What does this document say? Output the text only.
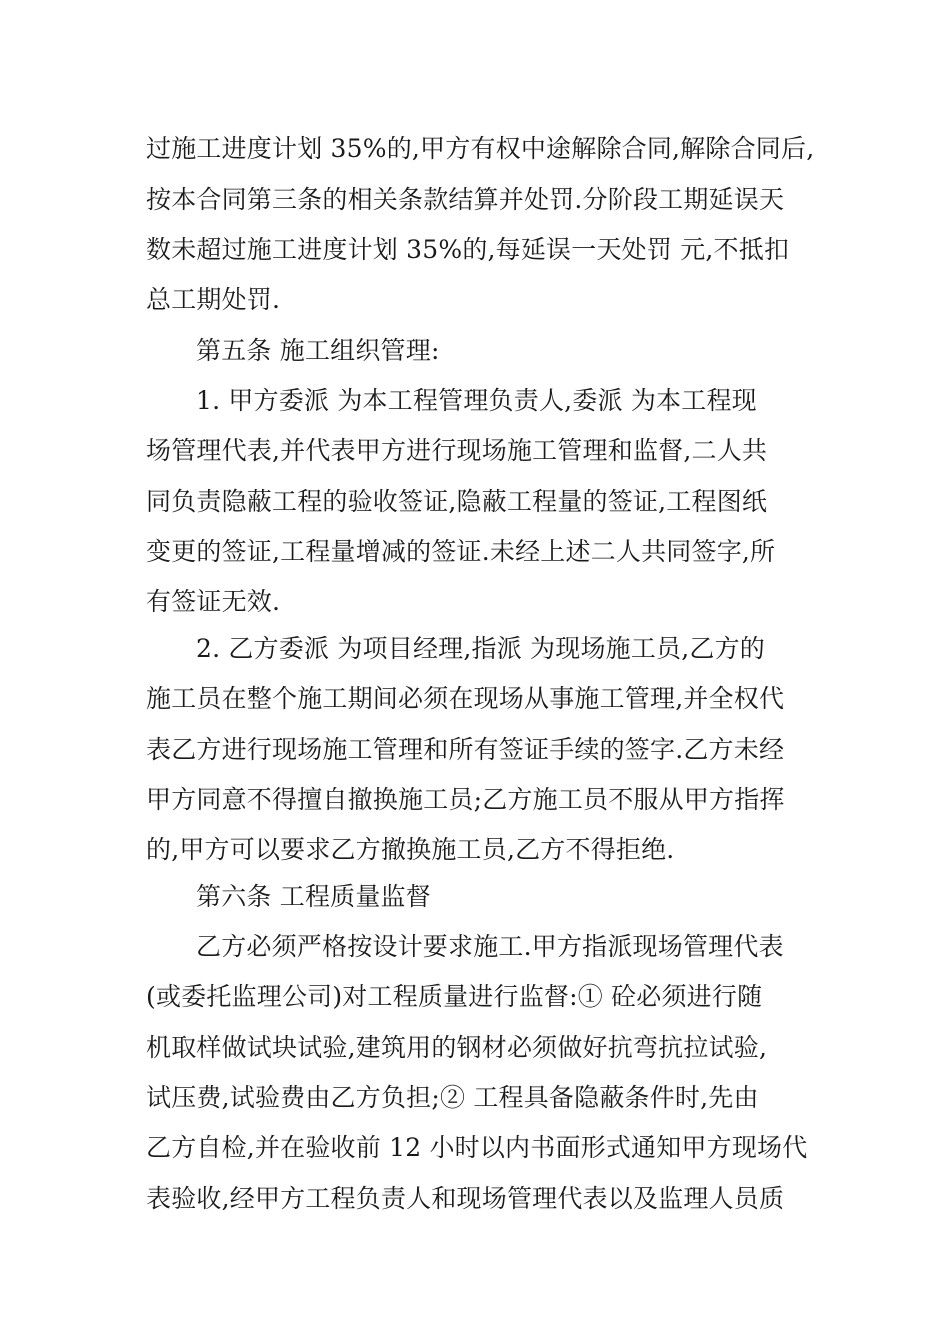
过施工进度计划 35%的,甲方有权中途解除合同,解除合同后,
按本合同第三条的相关条款结算并处罚.分阶段工期延误天
数未超过施工进度计划 35%的,每延误一天处罚 元,不抵扣
总工期处罚.
第五条 施工组织管理:
1. 甲方委派 为本工程管理负责人,委派 为本工程现
场管理代表,并代表甲方进行现场施工管理和监督,二人共
同负责隐蔽工程的验收签证,隐蔽工程量的签证,工程图纸
变更的签证,工程量增减的签证.未经上述二人共同签字,所
有签证无效.
2. 乙方委派 为项目经理,指派 为现场施工员,乙方的
施工员在整个施工期间必须在现场从事施工管理,并全权代
表乙方进行现场施工管理和所有签证手续的签字.乙方未经
甲方同意不得擅自撤换施工员;乙方施工员不服从甲方指挥
的,甲方可以要求乙方撤换施工员,乙方不得拒绝.
第六条 工程质量监督
乙方必须严格按设计要求施工.甲方指派现场管理代表
(或委托监理公司)对工程质量进行监督:① 砼必须进行随
机取样做试块试验,建筑用的钢材必须做好抗弯抗拉试验,
试压费,试验费由乙方负担;② 工程具备隐蔽条件时,先由
乙方自检,并在验收前 12 小时以内书面形式通知甲方现场代
表验收,经甲方工程负责人和现场管理代表以及监理人员质
